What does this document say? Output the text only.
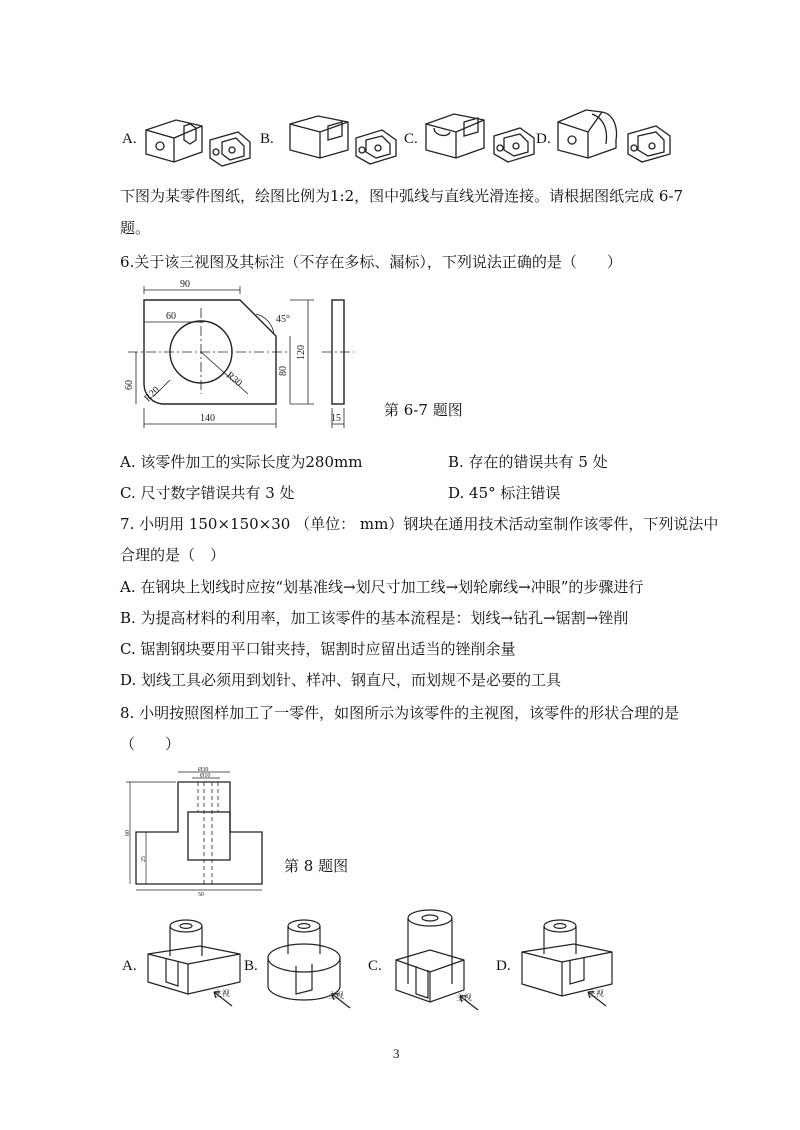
A.	B.	C.	D.
下图为某零件图纸，绘图比例为1:2，图中弧线与直线光滑连接。请根据图纸完成 6-7
题。
6.关于该三视图及其标注（不存在多标、漏标），下列说法正确的是（　　）
90
60	45°
120
80
60 R20
R30
140	15	第 6-7 题图
A. 该零件加工的实际长度为280mm	B. 存在的错误共有 5 处
C. 尺寸数字错误共有 3 处	D. 45° 标注错误
7. 小明用 150×150×30 （单位： mm）钢块在通用技术活动室制作该零件，下列说法中
合理的是（　）
A. 在钢块上划线时应按“划基准线→划尺寸加工线→划轮廓线→冲眼”的步骤进行
B. 为提高材料的利用率，加工该零件的基本流程是：划线→钻孔→锯割→锉削
C. 锯割钢块要用平口钳夹持，锯割时应留出适当的锉削余量
D. 划线工具必须用到划针、样冲、钢直尺，而划规不是必要的工具
8. 小明按照图样加工了一零件，如图所示为该零件的主视图，该零件的形状合理的是
（　　）
Ø30
Ø10
60
25
50
第 8 题图
A.
主视
B.
主视
C.
主视
D.
主视
3
